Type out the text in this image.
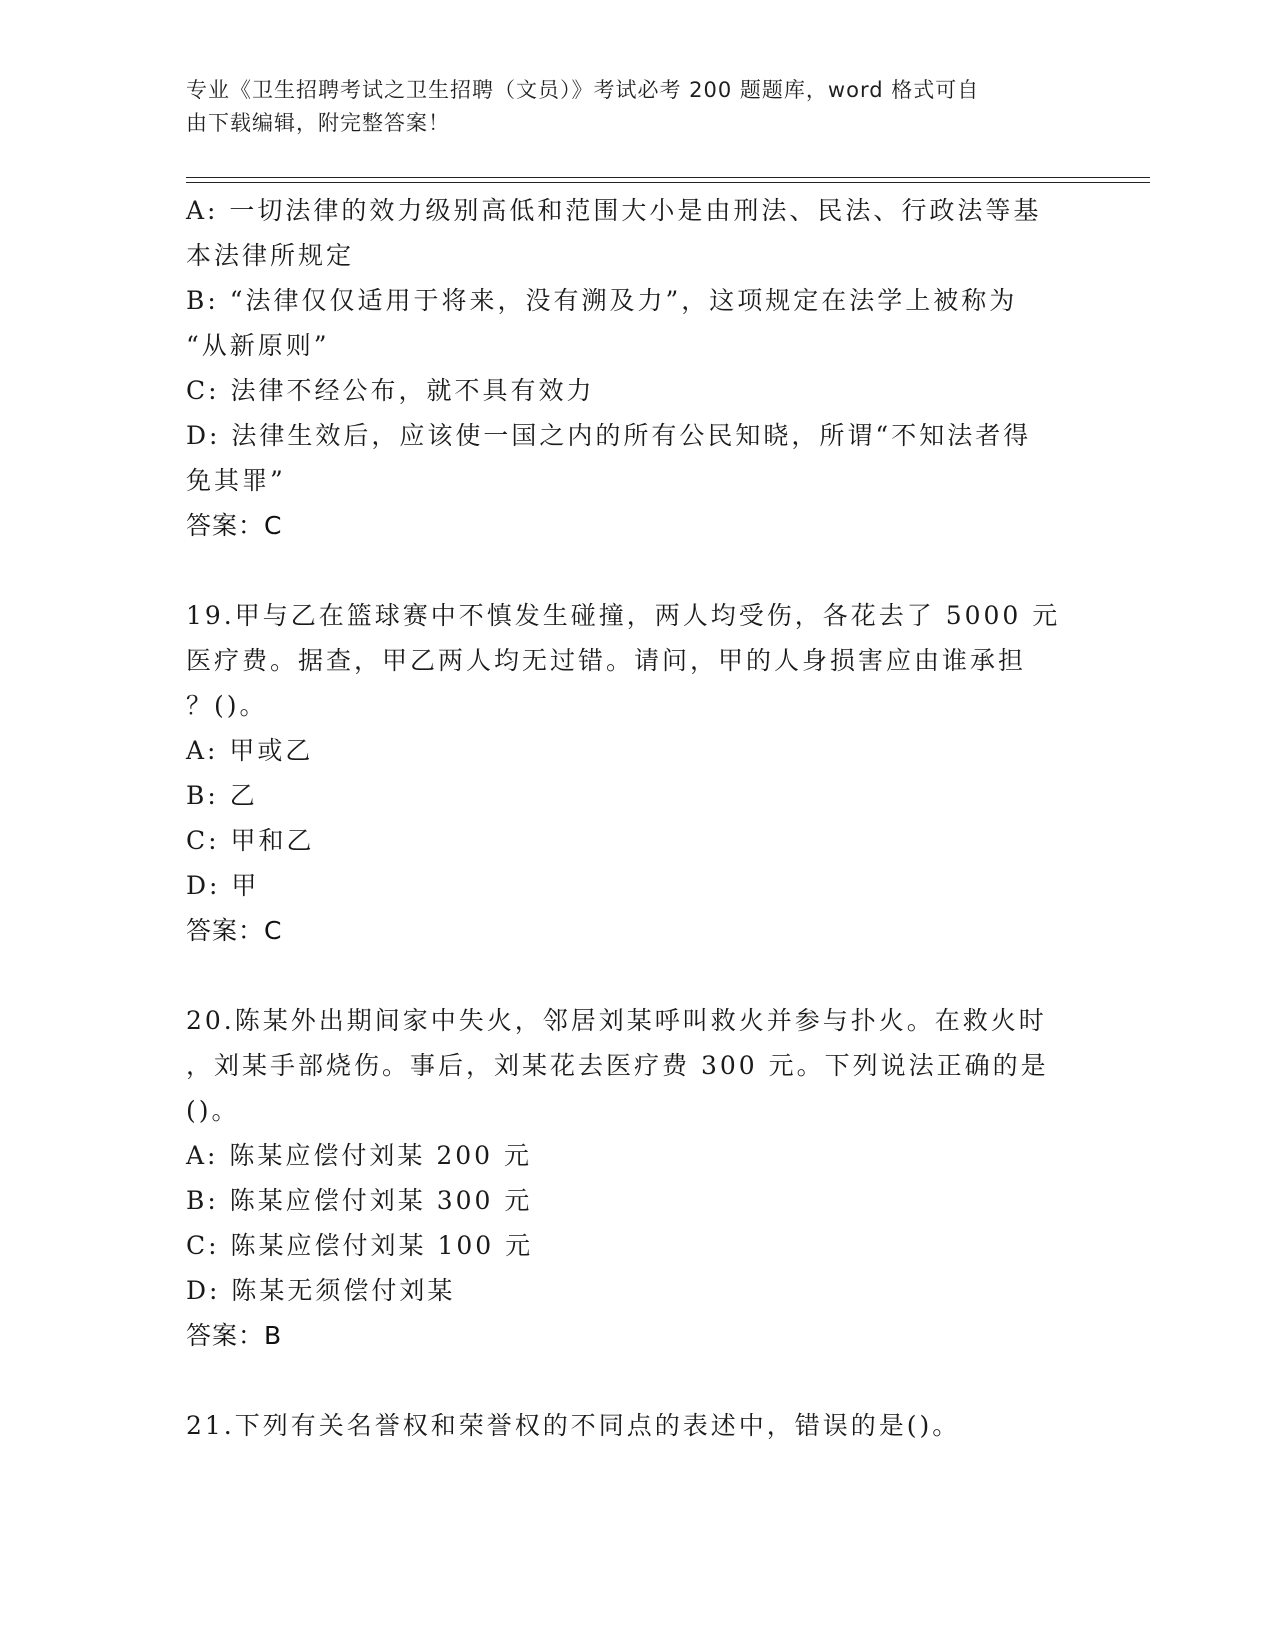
专业《卫生招聘考试之卫生招聘（文员）》考试必考 200 题题库，word 格式可自
由下载编辑，附完整答案！
A: 一切法律的效力级别高低和范围大小是由刑法、民法、行政法等基
本法律所规定
B: “法律仅仅适用于将来，没有溯及力”，这项规定在法学上被称为
“从新原则”
C: 法律不经公布，就不具有效力
D: 法律生效后，应该使一国之内的所有公民知晓，所谓“不知法者得
免其罪”
答案：C
19.甲与乙在篮球赛中不慎发生碰撞，两人均受伤，各花去了 5000 元
医疗费。据查，甲乙两人均无过错。请问，甲的人身损害应由谁承担
？()。
A: 甲或乙
B: 乙
C: 甲和乙
D: 甲
答案：C
20.陈某外出期间家中失火，邻居刘某呼叫救火并参与扑火。在救火时
，刘某手部烧伤。事后，刘某花去医疗费 300 元。下列说法正确的是
()。
A: 陈某应偿付刘某 200 元
B: 陈某应偿付刘某 300 元
C: 陈某应偿付刘某 100 元
D: 陈某无须偿付刘某
答案：B
21.下列有关名誉权和荣誉权的不同点的表述中，错误的是()。
